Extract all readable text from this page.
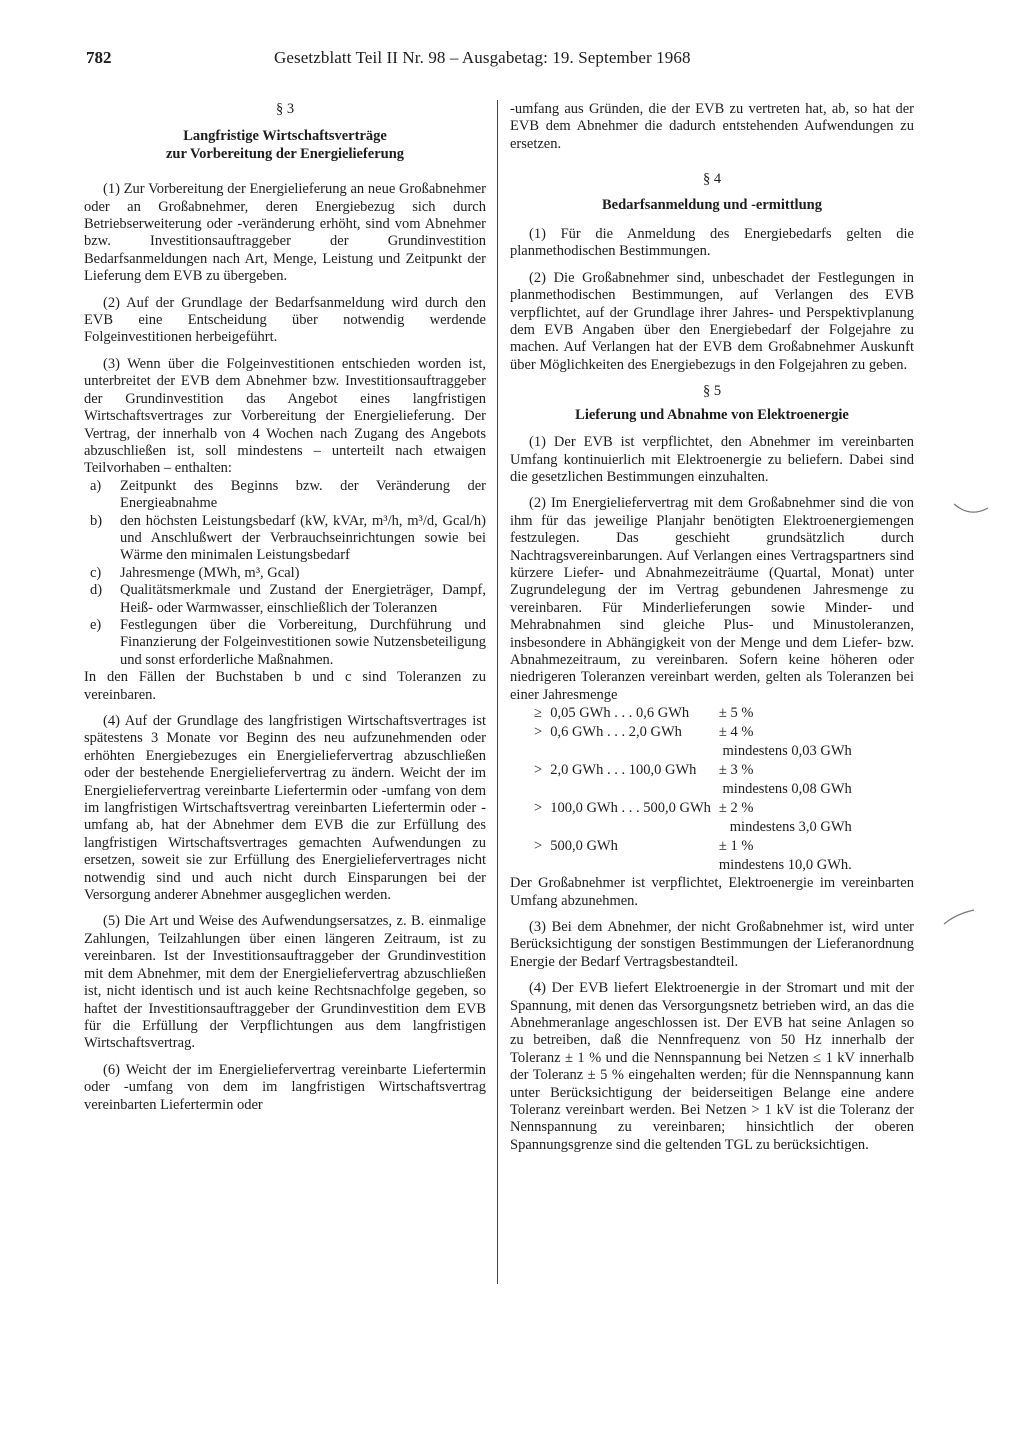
782	Gesetzblatt Teil II Nr. 98 – Ausgabetag: 19. September 1968

§ 3

Langfristige Wirtschaftsverträge

zur Vorbereitung der Energielieferung

(1) Zur Vorbereitung der Energielieferung an neue Großabnehmer oder an Großabnehmer, deren Energiebezug sich durch Betriebserweiterung oder -veränderung erhöht, sind vom Abnehmer bzw. Investitionsauftraggeber der Grundinvestition Bedarfsanmeldungen nach Art, Menge, Leistung und Zeitpunkt der Lieferung dem EVB zu übergeben.

(2) Auf der Grundlage der Bedarfsanmeldung wird durch den EVB eine Entscheidung über notwendig werdende Folgeinvestitionen herbeigeführt.

(3) Wenn über die Folgeinvestitionen entschieden worden ist, unterbreitet der EVB dem Abnehmer bzw. Investitionsauftraggeber der Grundinvestition das Angebot eines langfristigen Wirtschaftsvertrages zur Vorbereitung der Energielieferung. Der Vertrag, der innerhalb von 4 Wochen nach Zugang des Angebots abzuschließen ist, soll mindestens – unterteilt nach etwaigen Teilvorhaben – enthalten:

a)	Zeitpunkt des Beginns bzw. der Veränderung der Energieabnahme
b)	den höchsten Leistungsbedarf (kW, kVAr, m³/h, m³/d, Gcal/h) und Anschlußwert der Verbrauchseinrichtungen sowie bei Wärme den minimalen Leistungsbedarf
c)	Jahresmenge (MWh, m³, Gcal)
d)	Qualitätsmerkmale und Zustand der Energieträger, Dampf, Heiß- oder Warmwasser, einschließlich der Toleranzen
e)	Festlegungen über die Vorbereitung, Durchführung und Finanzierung der Folgeinvestitionen sowie Nutzensbeteiligung und sonst erforderliche Maßnahmen.

In den Fällen der Buchstaben b und c sind Toleranzen zu vereinbaren.

(4) Auf der Grundlage des langfristigen Wirtschaftsvertrages ist spätestens 3 Monate vor Beginn des neu aufzunehmenden oder erhöhten Energiebezuges ein Energieliefervertrag abzuschließen oder der bestehende Energieliefervertrag zu ändern. Weicht der im Energieliefervertrag vereinbarte Liefertermin oder -umfang von dem im langfristigen Wirtschaftsvertrag vereinbarten Liefertermin oder -umfang ab, hat der Abnehmer dem EVB die zur Erfüllung des langfristigen Wirtschaftsvertrages gemachten Aufwendungen zu ersetzen, soweit sie zur Erfüllung des Energieliefervertrages nicht notwendig sind und auch nicht durch Einsparungen bei der Versorgung anderer Abnehmer ausgeglichen werden.

(5) Die Art und Weise des Aufwendungsersatzes, z. B. einmalige Zahlungen, Teilzahlungen über einen längeren Zeitraum, ist zu vereinbaren. Ist der Investitionsauftraggeber der Grundinvestition mit dem Abnehmer, mit dem der Energieliefervertrag abzuschließen ist, nicht identisch und ist auch keine Rechtsnachfolge gegeben, so haftet der Investitionsauftraggeber der Grundinvestition dem EVB für die Erfüllung der Verpflichtungen aus dem langfristigen Wirtschaftsvertrag.

(6) Weicht der im Energieliefervertrag vereinbarte Liefertermin oder -umfang von dem im langfristigen Wirtschaftsvertrag vereinbarten Liefertermin oder

-umfang aus Gründen, die der EVB zu vertreten hat, ab, so hat der EVB dem Abnehmer die dadurch entstehenden Aufwendungen zu ersetzen.

§ 4

Bedarfsanmeldung und -ermittlung

(1) Für die Anmeldung des Energiebedarfs gelten die planmethodischen Bestimmungen.

(2) Die Großabnehmer sind, unbeschadet der Festlegungen in planmethodischen Bestimmungen, auf Verlangen des EVB verpflichtet, auf der Grundlage ihrer Jahres- und Perspektivplanung dem EVB Angaben über den Energiebedarf der Folgejahre zu machen. Auf Verlangen hat der EVB dem Großabnehmer Auskunft über Möglichkeiten des Energiebezugs in den Folgejahren zu geben.

§ 5

Lieferung und Abnahme von Elektroenergie

(1) Der EVB ist verpflichtet, den Abnehmer im vereinbarten Umfang kontinuierlich mit Elektroenergie zu beliefern. Dabei sind die gesetzlichen Bestimmungen einzuhalten.

(2) Im Energieliefervertrag mit dem Großabnehmer sind die von ihm für das jeweilige Planjahr benötigten Elektroenergiemengen festzulegen. Das geschieht grundsätzlich durch Nachtragsvereinbarungen. Auf Verlangen eines Vertragspartners sind kürzere Liefer- und Abnahmezeiträume (Quartal, Monat) unter Zugrundelegung der im Vertrag gebundenen Jahresmenge zu vereinbaren. Für Minderlieferungen sowie Minder- und Mehrabnahmen sind gleiche Plus- und Minustoleranzen, insbesondere in Abhängigkeit von der Menge und dem Liefer- bzw. Abnahmezeitraum, zu vereinbaren. Sofern keine höheren oder niedrigeren Toleranzen vereinbart werden, gelten als Toleranzen bei einer Jahresmenge

≥	0,05 GWh . . . 0,6 GWh	± 5 %
>	0,6 GWh . . . 2,0 GWh	± 4 %
		mindestens 0,03 GWh
>	2,0 GWh . . . 100,0 GWh	± 3 %
		mindestens 0,08 GWh
>	100,0 GWh . . . 500,0 GWh	± 2 %
		mindestens 3,0 GWh
>	500,0 GWh	± 1 %
		mindestens 10,0 GWh.

Der Großabnehmer ist verpflichtet, Elektroenergie im vereinbarten Umfang abzunehmen.

(3) Bei dem Abnehmer, der nicht Großabnehmer ist, wird unter Berücksichtigung der sonstigen Bestimmungen der Lieferanordnung Energie der Bedarf Vertragsbestandteil.

(4) Der EVB liefert Elektroenergie in der Stromart und mit der Spannung, mit denen das Versorgungsnetz betrieben wird, an das die Abnehmeranlage angeschlossen ist. Der EVB hat seine Anlagen so zu betreiben, daß die Nennfrequenz von 50 Hz innerhalb der Toleranz ± 1 % und die Nennspannung bei Netzen ≤ 1 kV innerhalb der Toleranz ± 5 % eingehalten werden; für die Nennspannung kann unter Berücksichtigung der beiderseitigen Belange eine andere Toleranz vereinbart werden. Bei Netzen > 1 kV ist die Toleranz der Nennspannung zu vereinbaren; hinsichtlich der oberen Spannungsgrenze sind die geltenden TGL zu berücksichtigen.
